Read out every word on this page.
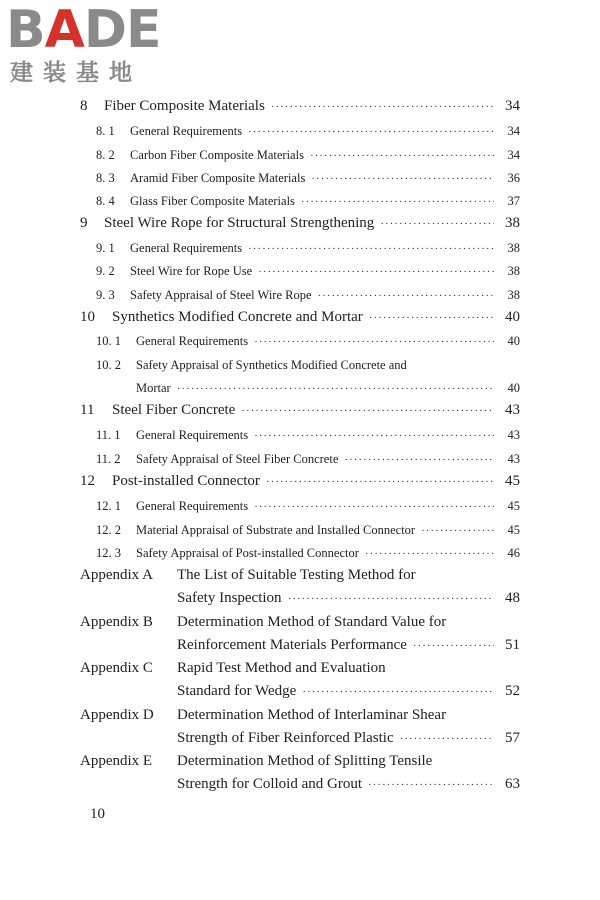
BADE
建装基地
8	Fiber Composite Materials ·····	34
8. 1	General Requirements ·····	34
8. 2	Carbon Fiber Composite Materials ·····	34
8. 3	Aramid Fiber Composite Materials ·····	36
8. 4	Glass Fiber Composite Materials ·····	37
9	Steel Wire Rope for Structural Strengthening ·····	38
9. 1	General Requirements ·····	38
9. 2	Steel Wire for Rope Use ·····	38
9. 3	Safety Appraisal of Steel Wire Rope ·····	38
10	Synthetics Modified Concrete and Mortar ·····	40
10. 1	General Requirements ·····	40
10. 2	Safety Appraisal of Synthetics Modified Concrete and
Mortar ·····	40
11	Steel Fiber Concrete ·····	43
11. 1	General Requirements ·····	43
11. 2	Safety Appraisal of Steel Fiber Concrete ·····	43
12	Post-installed Connector ·····	45
12. 1	General Requirements ·····	45
12. 2	Material Appraisal of Substrate and Installed Connector ·····	45
12. 3	Safety Appraisal of Post-installed Connector ·····	46
Appendix A	The List of Suitable Testing Method for
Safety Inspection ·····	48
Appendix B	Determination Method of Standard Value for
Reinforcement Materials Performance ·····	51
Appendix C	Rapid Test Method and Evaluation
Standard for Wedge ·····	52
Appendix D	Determination Method of Interlaminar Shear
Strength of Fiber Reinforced Plastic ·····	57
Appendix E	Determination Method of Splitting Tensile
Strength for Colloid and Grout ·····	63
10
